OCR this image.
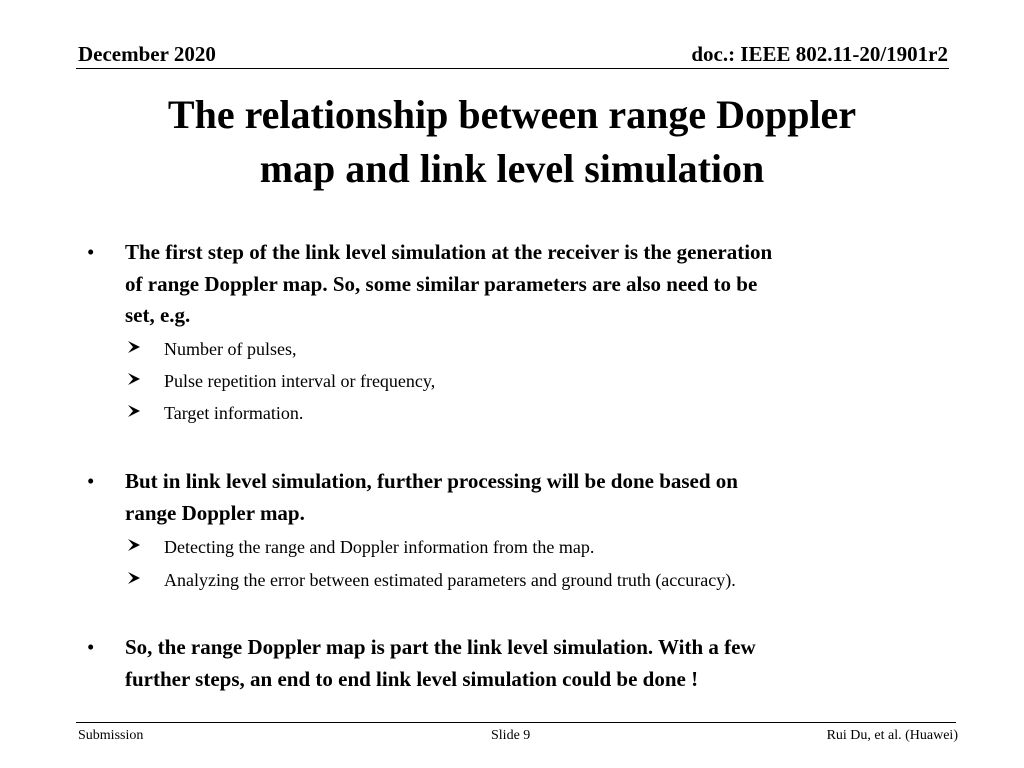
December 2020	doc.: IEEE 802.11-20/1901r2
The relationship between range Doppler
map and link level simulation
• The first step of the link level simulation at the receiver is the generation
of range Doppler map. So, some similar parameters are also need to be
set, e.g.
Number of pulses,
Pulse repetition interval or frequency,
Target information.
• But in link level simulation, further processing will be done based on
range Doppler map.
Detecting the range and Doppler information from the map.
Analyzing the error between estimated parameters and ground truth (accuracy).
• So, the range Doppler map is part the link level simulation. With a few
further steps, an end to end link level simulation could be done !
Submission	Slide 9	Rui Du, et al. (Huawei)
